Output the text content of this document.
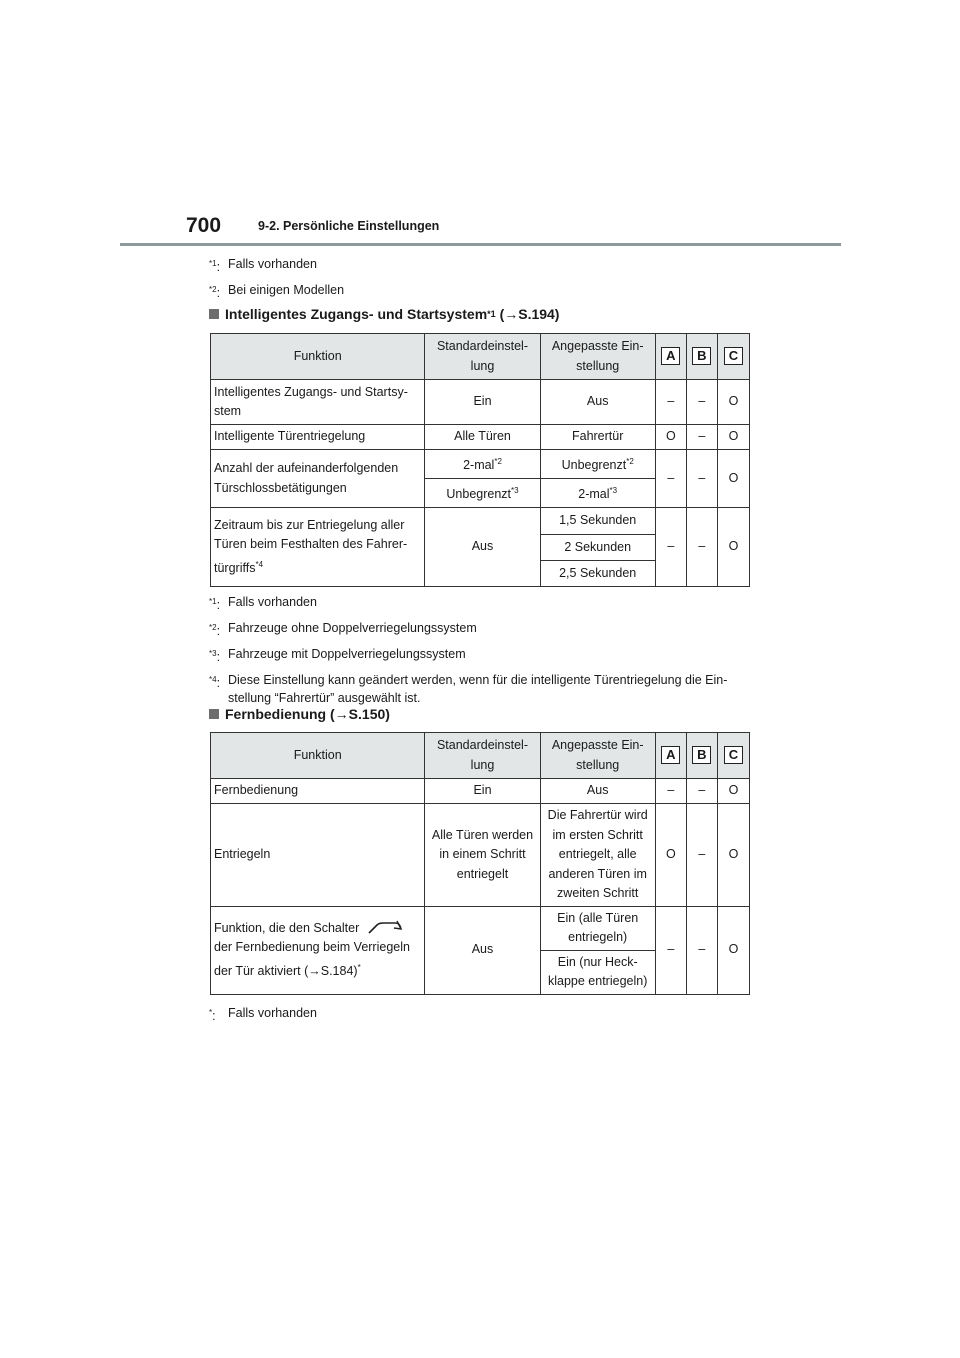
700	9-2. Persönliche Einstellungen
$^{*1}$: Falls vorhanden
$^{*2}$: Bei einigen Modellen
Intelligentes Zugangs- und Startsystem *1
(→S.194)
Funktion	Standardeinstel-lung	Angepasste Ein-stellung	A	B	C
Intelligentes Zugangs- und Startsy-stem	Ein	Aus	–	–	O
Intelligente Türentriegelung	Alle Türen	Fahrertür	O	–	O
Anzahl der aufeinanderfolgenden Türschlossbetätigungen	2-mal$^{*2}$	Unbegrenzt$^{*2}$	–	–	O
	Unbegrenzt$^{*3}$	2-mal$^{*3}$
Zeitraum bis zur Entriegelung aller Türen beim Festhalten des Fahrer-türgriffs$^{*4}$	Aus	1,5 Sekunden	–	–	O
		2 Sekunden			
		2,5 Sekunden			
$^{*1}$: Falls vorhanden
$^{*2}$: Fahrzeuge ohne Doppelverriegelungssystem
$^{*3}$: Fahrzeuge mit Doppelverriegelungssystem
$^{*4}$: Diese Einstellung kann geändert werden, wenn für die intelligente Türentriegelung die Ein-stellung “Fahrertür” ausgewählt ist.
Fernbedienung
(→S.150)
Funktion	Standardeinstel-lung	Angepasste Ein-stellung	A	B	C
Fernbedienung	Ein	Aus	–	–	O
Entriegeln	Alle Türen werden in einem Schritt entriegelt	Die Fahrertür wird im ersten Schritt entriegelt, alle anderen Türen im zweiten Schritt	O	–	O
Funktion, die den Schalter
der Fernbedienung beim Verriegeln der Tür aktiviert (→S.184)*	Aus	Ein (alle Türen entriegeln)	–	–	O
		Ein (nur Heck-klappe entriegeln)			
*: Falls vorhanden
